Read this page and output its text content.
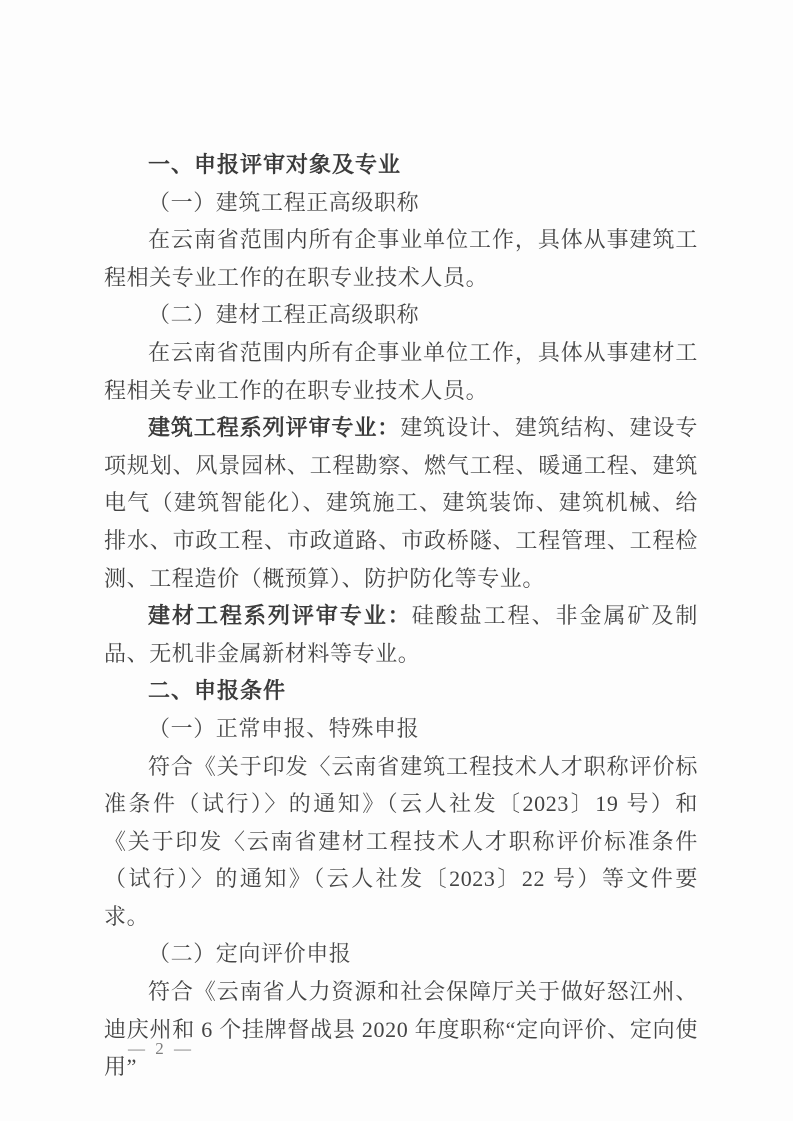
一、申报评审对象及专业

（一）建筑工程正高级职称

在云南省范围内所有企事业单位工作，具体从事建筑工程相关专业工作的在职专业技术人员。

（二）建材工程正高级职称

在云南省范围内所有企事业单位工作，具体从事建材工程相关专业工作的在职专业技术人员。

建筑工程系列评审专业：建筑设计、建筑结构、建设专项规划、风景园林、工程勘察、燃气工程、暖通工程、建筑电气（建筑智能化）、建筑施工、建筑装饰、建筑机械、给排水、市政工程、市政道路、市政桥隧、工程管理、工程检测、工程造价（概预算）、防护防化等专业。

建材工程系列评审专业：硅酸盐工程、非金属矿及制品、无机非金属新材料等专业。

二、申报条件

（一）正常申报、特殊申报

符合《关于印发〈云南省建筑工程技术人才职称评价标准条件（试行）〉的通知》（云人社发〔2023〕19 号）和《关于印发〈云南省建材工程技术人才职称评价标准条件（试行）〉的通知》（云人社发〔2023〕22 号）等文件要求。

（二）定向评价申报

符合《云南省人力资源和社会保障厅关于做好怒江州、迪庆州和 6 个挂牌督战县 2020 年度职称“定向评价、定向使用”

— 2 —
